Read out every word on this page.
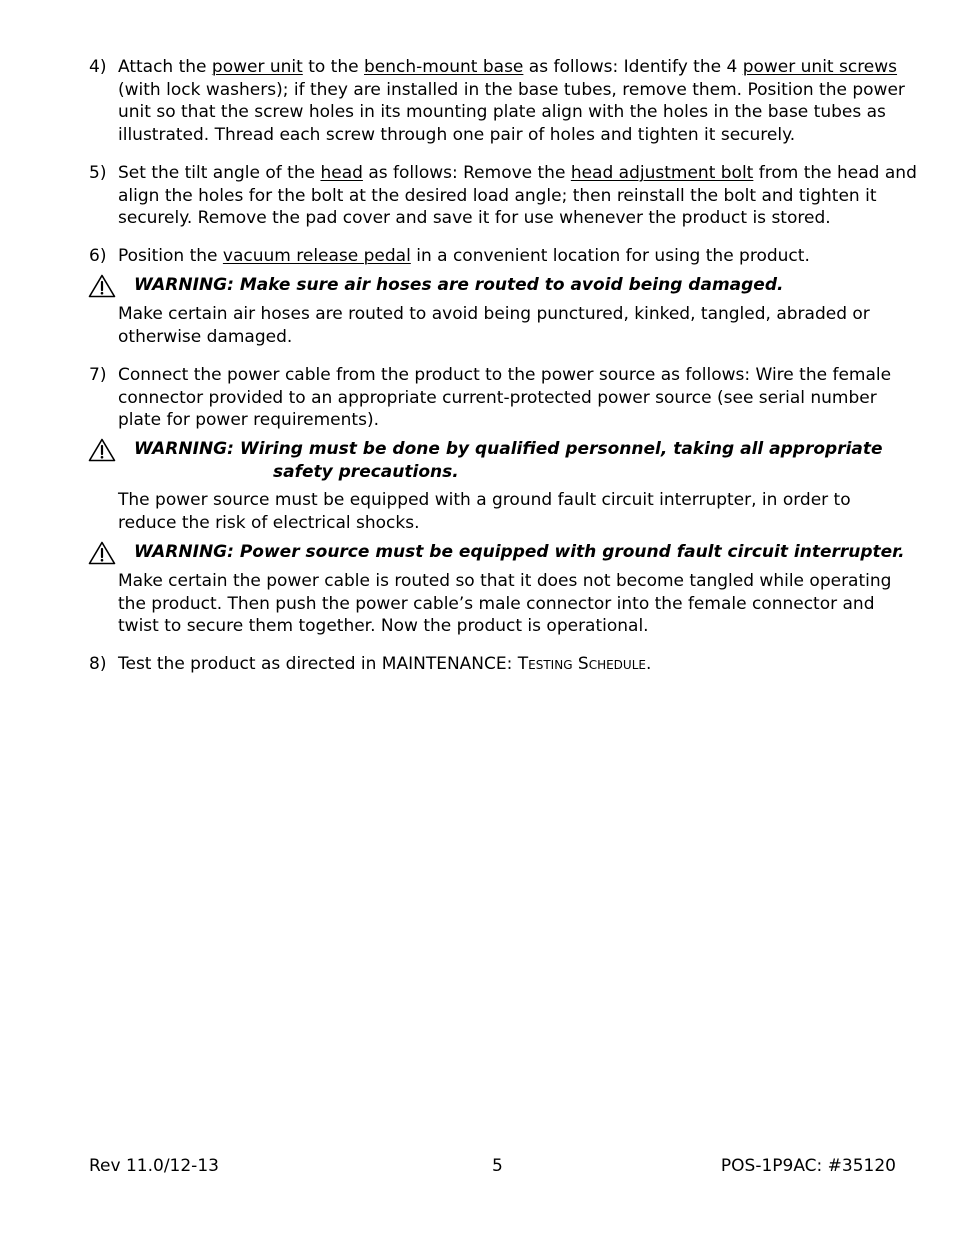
4) Attach the power unit to the bench-mount base as follows: Identify the 4 power unit screws (with lock washers); if they are installed in the base tubes, remove them. Position the power unit so that the screw holes in its mounting plate align with the holes in the base tubes as illustrated. Thread each screw through one pair of holes and tighten it securely.
5) Set the tilt angle of the head as follows: Remove the head adjustment bolt from the head and align the holes for the bolt at the desired load angle; then reinstall the bolt and tighten it securely. Remove the pad cover and save it for use whenever the product is stored.
6) Position the vacuum release pedal in a convenient location for using the product.
WARNING: Make sure air hoses are routed to avoid being damaged.
Make certain air hoses are routed to avoid being punctured, kinked, tangled, abraded or otherwise damaged.
7) Connect the power cable from the product to the power source as follows: Wire the female connector provided to an appropriate current-protected power source (see serial number plate for power requirements).
WARNING: Wiring must be done by qualified personnel, taking all appropriate
safety precautions.
The power source must be equipped with a ground fault circuit interrupter, in order to reduce the risk of electrical shocks.
WARNING: Power source must be equipped with ground fault circuit interrupter.
Make certain the power cable is routed so that it does not become tangled while operating the product. Then push the power cable’s male connector into the female connector and twist to secure them together. Now the product is operational.
8) Test the product as directed in MAINTENANCE: Testing Schedule.
Rev 11.0/12-13	5	POS-1P9AC: #35120
